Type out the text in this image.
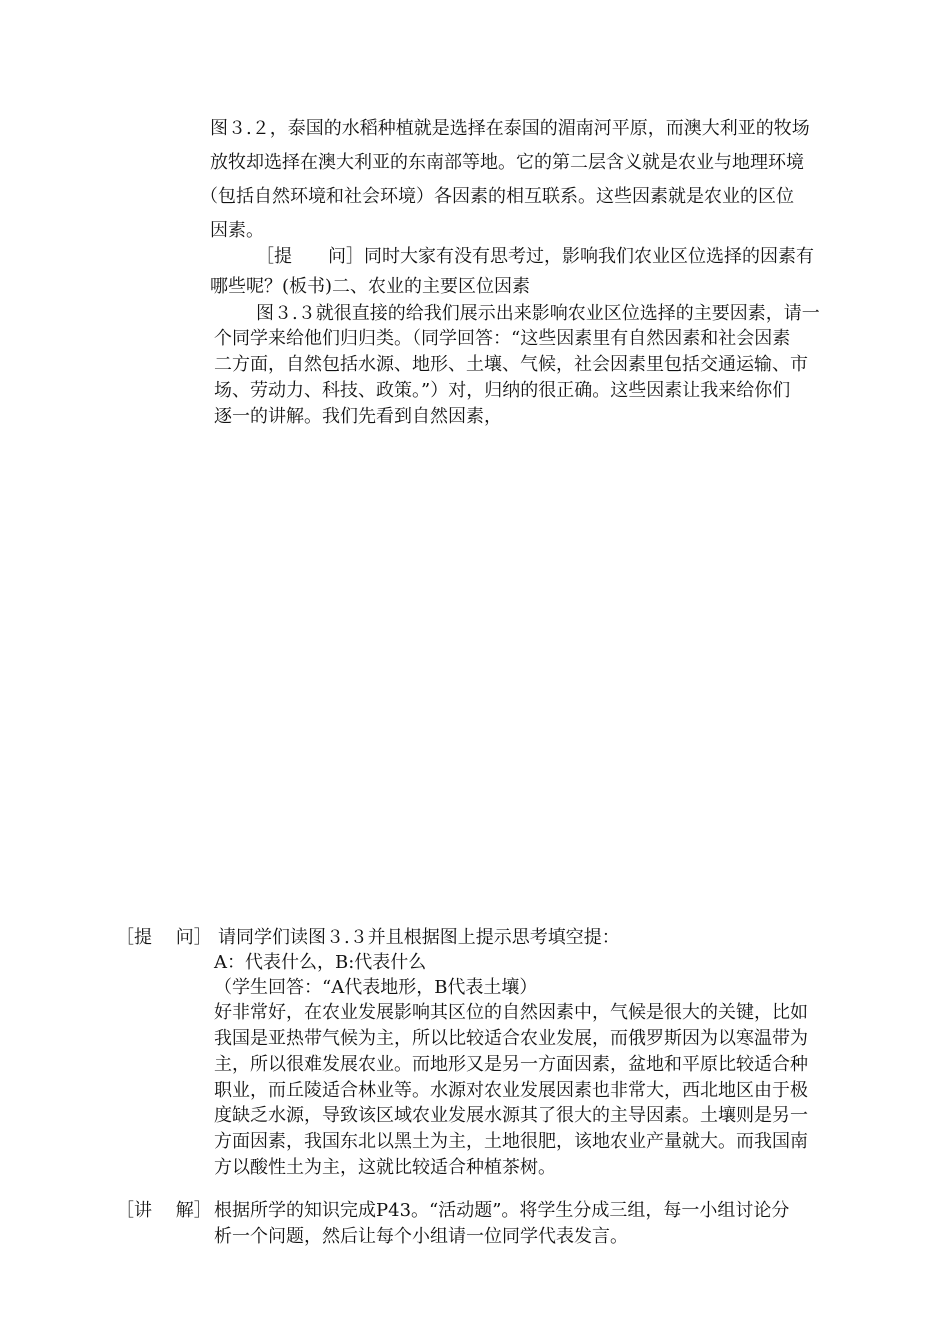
图３.２，泰国的水稻种植就是选择在泰国的湄南河平原，而澳大利亚的牧场
放牧却选择在澳大利亚的东南部等地。它的第二层含义就是农业与地理环境
（包括自然环境和社会环境）各因素的相互联系。这些因素就是农业的区位
因素。
［提　　问］同时大家有没有思考过，影响我们农业区位选择的因素有
哪些呢？(板书)二、农业的主要区位因素
图３.３就很直接的给我们展示出来影响农业区位选择的主要因素，请一
个同学来给他们归归类。（同学回答：“这些因素里有自然因素和社会因素
二方面，自然包括水源、地形、土壤、气候，社会因素里包括交通运输、市
场、劳动力、科技、政策。”）对，归纳的很正确。这些因素让我来给你们
逐一的讲解。我们先看到自然因素，
［提　 问］ 请同学们读图３.３并且根据图上提示思考填空提：
A：代表什么，B:代表什么
（学生回答：“A代表地形，B代表土壤）
好非常好，在农业发展影响其区位的自然因素中，气候是很大的关键，比如
我国是亚热带气候为主，所以比较适合农业发展，而俄罗斯因为以寒温带为
主，所以很难发展农业。而地形又是另一方面因素，盆地和平原比较适合种
职业，而丘陵适合林业等。水源对农业发展因素也非常大，西北地区由于极
度缺乏水源，导致该区域农业发展水源其了很大的主导因素。土壤则是另一
方面因素，我国东北以黑土为主，土地很肥，该地农业产量就大。而我国南
方以酸性土为主，这就比较适合种植茶树。
［讲　 解］ 根据所学的知识完成P43。“活动题”。将学生分成三组，每一小组讨论分
析一个问题，然后让每个小组请一位同学代表发言。
